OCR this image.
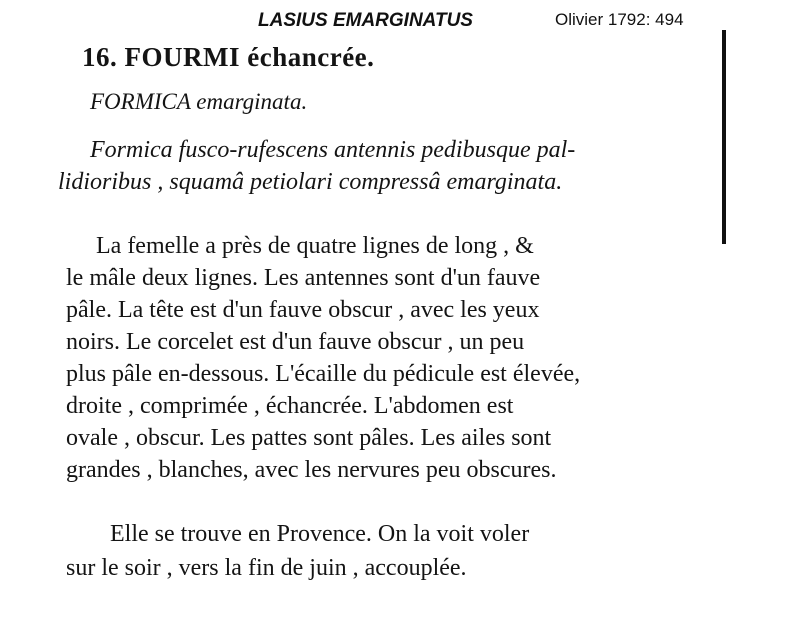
LASIUS EMARGINATUS	Olivier 1792: 494
16. FOURMI échancrée.
FORMICA emarginata.
Formica fusco-rufescens antennis pedibusque pal-
lidioribus , squamâ petiolari compressâ emarginata.
La femelle a près de quatre lignes de long , &
le mâle deux lignes. Les antennes sont d'un fauve
pâle. La tête est d'un fauve obscur , avec les yeux
noirs. Le corcelet est d'un fauve obscur , un peu
plus pâle en-dessous. L'écaille du pédicule est élevée,
droite , comprimée , échancrée. L'abdomen est
ovale , obscur. Les pattes sont pâles. Les ailes sont
grandes , blanches, avec les nervures peu obscures.
Elle se trouve en Provence. On la voit voler
sur le soir , vers la fin de juin , accouplée.
